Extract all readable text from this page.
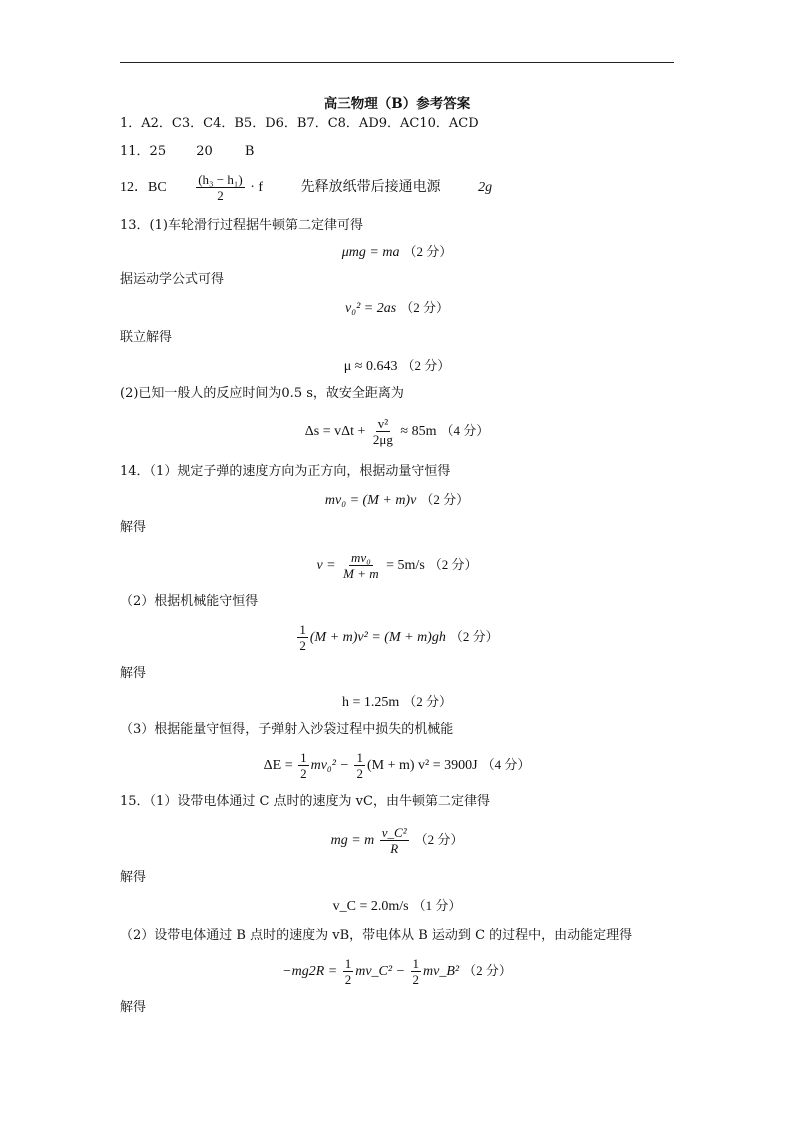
高三物理（B）参考答案
1．A2．C3．C4．B5．D6．B7．C8．AD9．AC10．ACD
11．25 20 B
12．BC $\frac{\text{(h₃ − h₁)}}{2} \cdot f$	先释放纸带后接通电源	2g
13．(1)车轮滑行过程据牛顿第二定律可得
μmg = ma （2 分）
据运动学公式可得
v₀² = 2as （2 分）
联立解得
μ ≈ 0.643 （2 分）
(2)已知一般人的反应时间为0.5 s，故安全距离为
$\Delta s = v\Delta t + \frac{\text{v²}}{2\mu g} \approx 85m$ （4 分）
14．（1）规定子弹的速度方向为正方向，根据动量守恒得
mv₀ = (M + m)v （2 分）
解得
$v = \frac{\text{mv₀}}{M + m} = 5m/s$ （2 分）
（2）根据机械能守恒得
$\frac{1}{2} (M + m)v^2 = (M + m)gh$ （2 分）
解得
h = 1.25m （2 分）
（3）根据能量守恒得，子弹射入沙袋过程中损失的机械能
$\Delta E = \frac{1}{2} mv_0^2 - \frac{1}{2} (M + m) v^2 = 3900J$ （4 分）
15．（1）设带电体通过 C 点时的速度为 vC，由牛顿第二定律得
mg = m $\frac{\text{v\_C²}}{R} (2$ 分）
解得
v_C = 2.0m/s （1 分）
（2）设带电体通过 B 点时的速度为 vB，带电体从 B 运动到 C 的过程中，由动能定理得
$-mg2R = \frac{1}{2}$ mv_C² − $\frac{1}{2}$ mv_B² （2 分）
解得
